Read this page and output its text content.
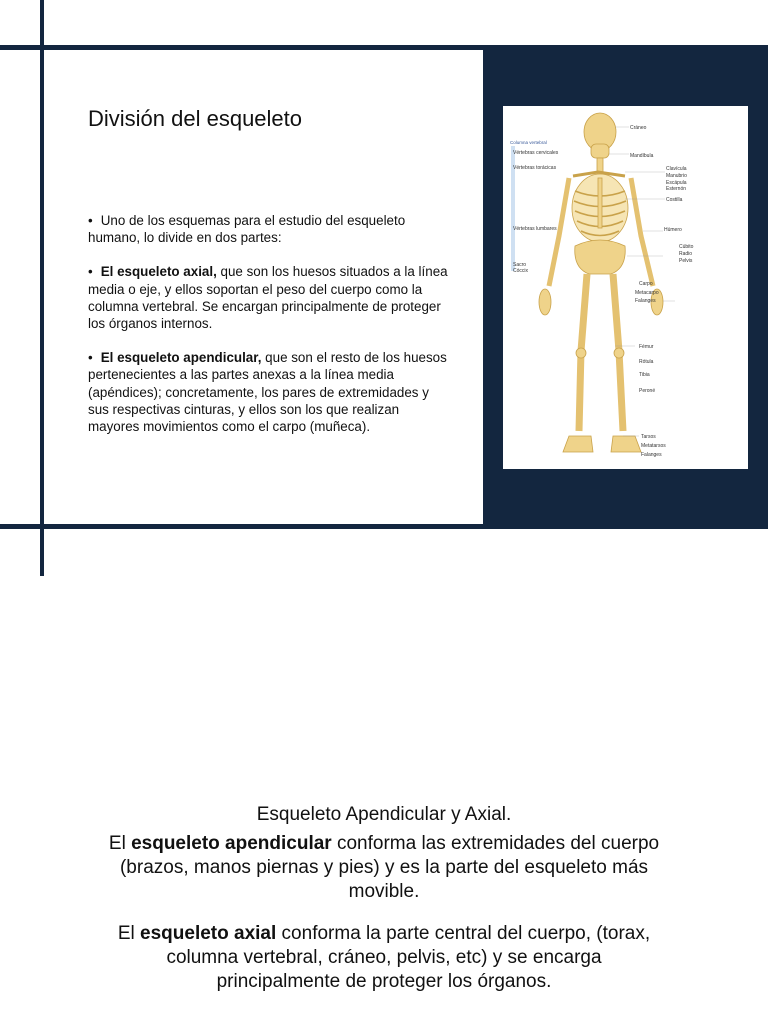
División del esqueleto
• Uno de los esquemas para el estudio del esqueleto humano, lo divide en dos partes:
• El esqueleto axial, que son los huesos situados a la línea media o eje, y ellos soportan el peso del cuerpo como la columna vertebral. Se encargan principalmente de proteger los órganos internos.
• El esqueleto apendicular, que son el resto de los huesos pertenecientes a las partes anexas a la línea media (apéndices); concretamente, los pares de extremidades y sus respectivas cinturas, y ellos son los que realizan mayores movimientos como el carpo (muñeca).
Columna vertebral
Vértebras cervicales
Vértebras torácicas
Vértebras lumbares
Sacro
Cóccix
Cráneo
Mandíbula
Clavícula
Manubrio
Escápula
Esternón
Costilla
Húmero
Cúbito
Radio
Pelvis
Carpo
Metacarpo
Falanges
Fémur
Rótula
Tibia
Peroné
Tarsos
Metatarsos
Falanges
Esqueleto Apendicular y Axial.

El esqueleto apendicular conforma las extremidades del cuerpo (brazos, manos piernas y pies) y es la parte del esqueleto más movible.

El esqueleto axial conforma la parte central del cuerpo, (torax, columna vertebral, cráneo, pelvis, etc) y se encarga principalmente de proteger los órganos.
